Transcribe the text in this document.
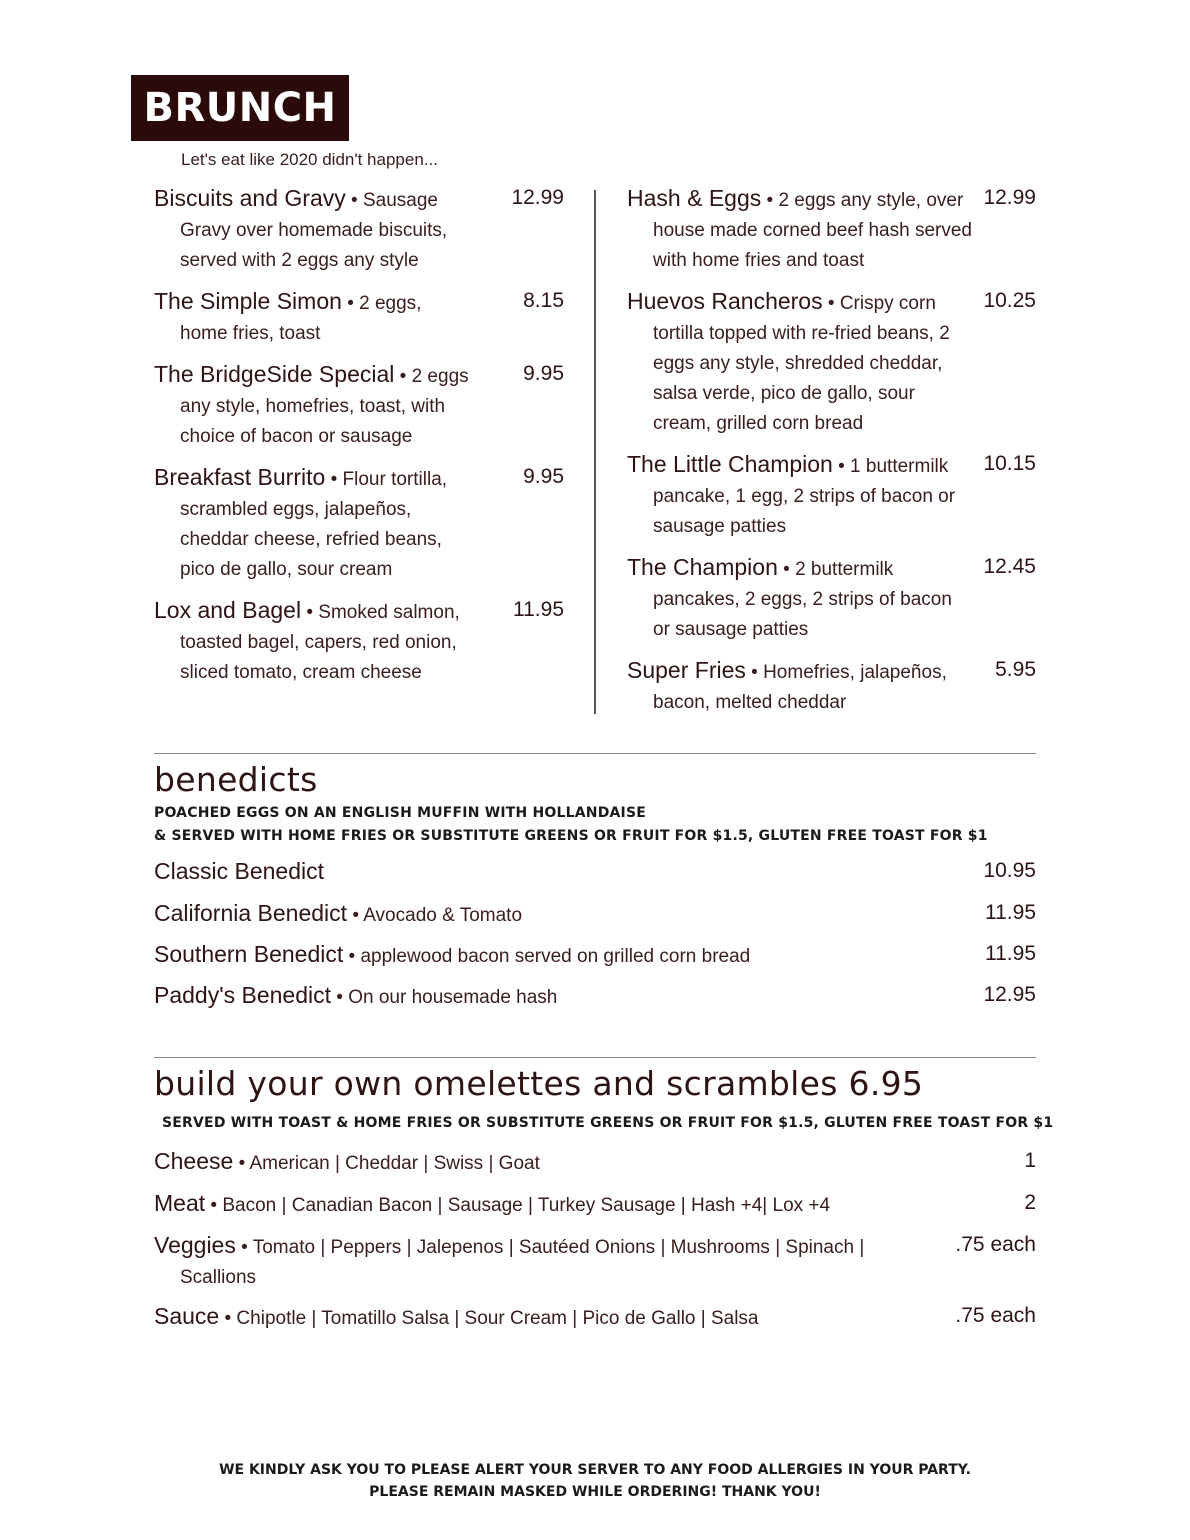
BRUNCH
Let's eat like 2020 didn't happen...
Biscuits and Gravy • Sausage Gravy over homemade biscuits, served with 2 eggs any style
12.99
The Simple Simon • 2 eggs, home fries, toast
8.15
The BridgeSide Special • 2 eggs any style, homefries, toast, with choice of bacon or sausage
9.95
Breakfast Burrito • Flour tortilla, scrambled eggs, jalapeños, cheddar cheese, refried beans, pico de gallo, sour cream
9.95
Lox and Bagel • Smoked salmon, toasted bagel, capers, red onion, sliced tomato, cream cheese
11.95
Hash & Eggs • 2 eggs any style, over house made corned beef hash served with home fries and toast
12.99
Huevos Rancheros • Crispy corn tortilla topped with re-fried beans, 2 eggs any style, shredded cheddar, salsa verde, pico de gallo, sour cream, grilled corn bread
10.25
The Little Champion • 1 buttermilk pancake, 1 egg, 2 strips of bacon or sausage patties
10.15
The Champion • 2 buttermilk pancakes, 2 eggs, 2 strips of bacon or sausage patties
12.45
Super Fries • Homefries, jalapeños, bacon, melted cheddar
5.95
benedicts
POACHED EGGS ON AN ENGLISH MUFFIN WITH HOLLANDAISE
& SERVED WITH HOME FRIES OR SUBSTITUTE GREENS OR FRUIT FOR $1.5, GLUTEN FREE TOAST FOR $1
Classic Benedict	10.95
California Benedict • Avocado & Tomato	11.95
Southern Benedict • applewood bacon served on grilled corn bread	11.95
Paddy's Benedict • On our housemade hash	12.95
build your own omelettes and scrambles 6.95
SERVED WITH TOAST & HOME FRIES OR SUBSTITUTE GREENS OR FRUIT FOR $1.5, GLUTEN FREE TOAST FOR $1
Cheese • American | Cheddar | Swiss | Goat	1
Meat • Bacon | Canadian Bacon | Sausage | Turkey Sausage | Hash +4| Lox +4	2
Veggies • Tomato | Peppers | Jalepenos | Sautéed Onions | Mushrooms | Spinach | Scallions
.75 each
Sauce • Chipotle | Tomatillo Salsa | Sour Cream | Pico de Gallo | Salsa	.75 each
WE KINDLY ASK YOU TO PLEASE ALERT YOUR SERVER TO ANY FOOD ALLERGIES IN YOUR PARTY.
PLEASE REMAIN MASKED WHILE ORDERING! THANK YOU!
